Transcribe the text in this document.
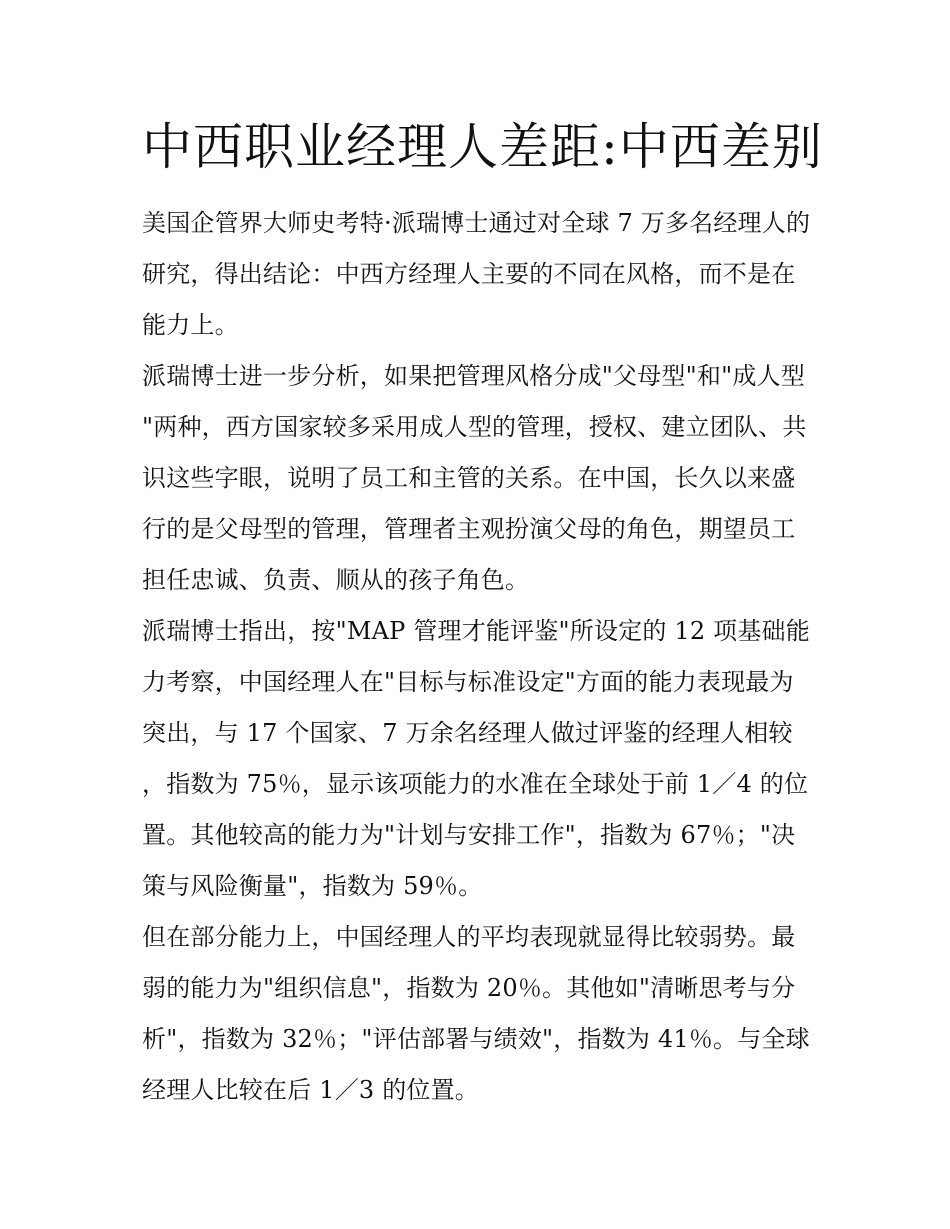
中西职业经理人差距:中西差别

美国企管界大师史考特·派瑞博士通过对全球 7 万多名经理人的研究，得出结论：中西方经理人主要的不同在风格，而不是在能力上。

派瑞博士进一步分析，如果把管理风格分成"父母型"和"成人型"两种，西方国家较多采用成人型的管理，授权、建立团队、共识这些字眼，说明了员工和主管的关系。在中国，长久以来盛行的是父母型的管理，管理者主观扮演父母的角色，期望员工担任忠诚、负责、顺从的孩子角色。

派瑞博士指出，按"MAP 管理才能评鉴"所设定的 12 项基础能力考察，中国经理人在"目标与标准设定"方面的能力表现最为突出，与 17 个国家、7 万余名经理人做过评鉴的经理人相较，指数为 75％，显示该项能力的水准在全球处于前 1／4 的位置。其他较高的能力为"计划与安排工作"，指数为 67％；"决策与风险衡量"，指数为 59％。

但在部分能力上，中国经理人的平均表现就显得比较弱势。最弱的能力为"组织信息"，指数为 20％。其他如"清晰思考与分析"，指数为 32％；"评估部署与绩效"，指数为 41％。与全球经理人比较在后 1／3 的位置。
